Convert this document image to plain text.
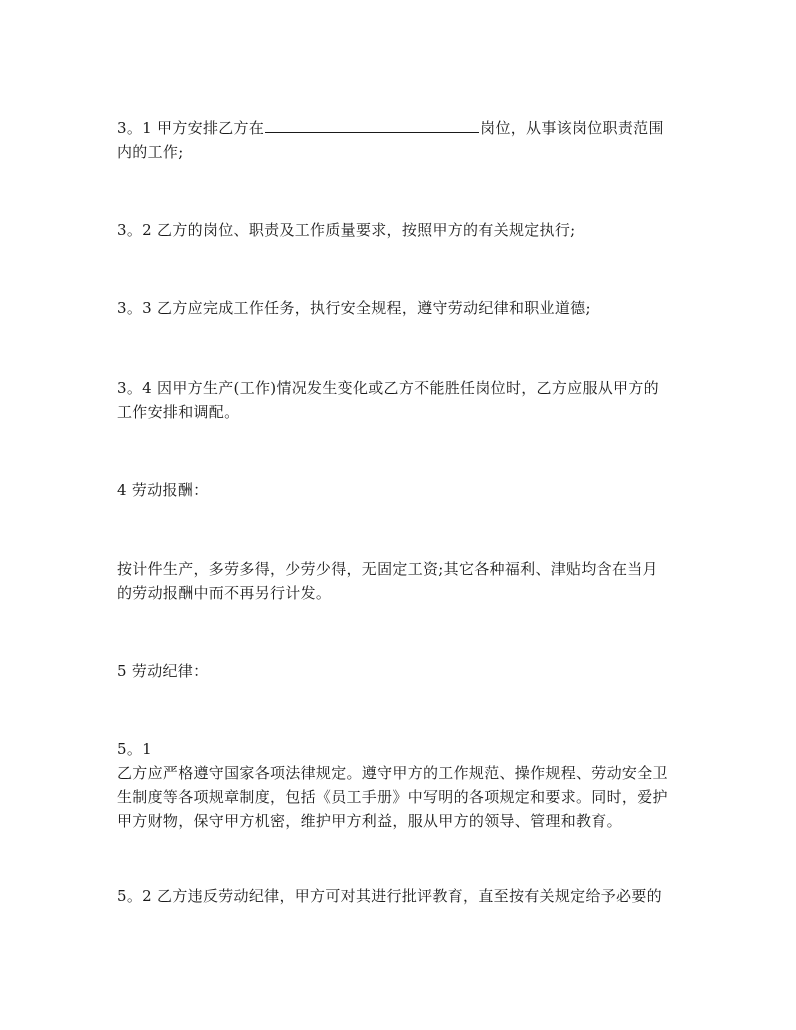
3。1 甲方安排乙方在	岗位，从事该岗位职责范围
内的工作;

3。2 乙方的岗位、职责及工作质量要求，按照甲方的有关规定执行;

3。3 乙方应完成工作任务，执行安全规程，遵守劳动纪律和职业道德;

3。4 因甲方生产(工作)情况发生变化或乙方不能胜任岗位时，乙方应服从甲方的
工作安排和调配。

4 劳动报酬：

按计件生产，多劳多得，少劳少得，无固定工资;其它各种福利、津贴均含在当月
的劳动报酬中而不再另行计发。

5 劳动纪律：

5。1
乙方应严格遵守国家各项法律规定。遵守甲方的工作规范、操作规程、劳动安全卫
生制度等各项规章制度，包括《员工手册》中写明的各项规定和要求。同时，爱护
甲方财物，保守甲方机密，维护甲方利益，服从甲方的领导、管理和教育。

5。2 乙方违反劳动纪律，甲方可对其进行批评教育，直至按有关规定给予必要的
